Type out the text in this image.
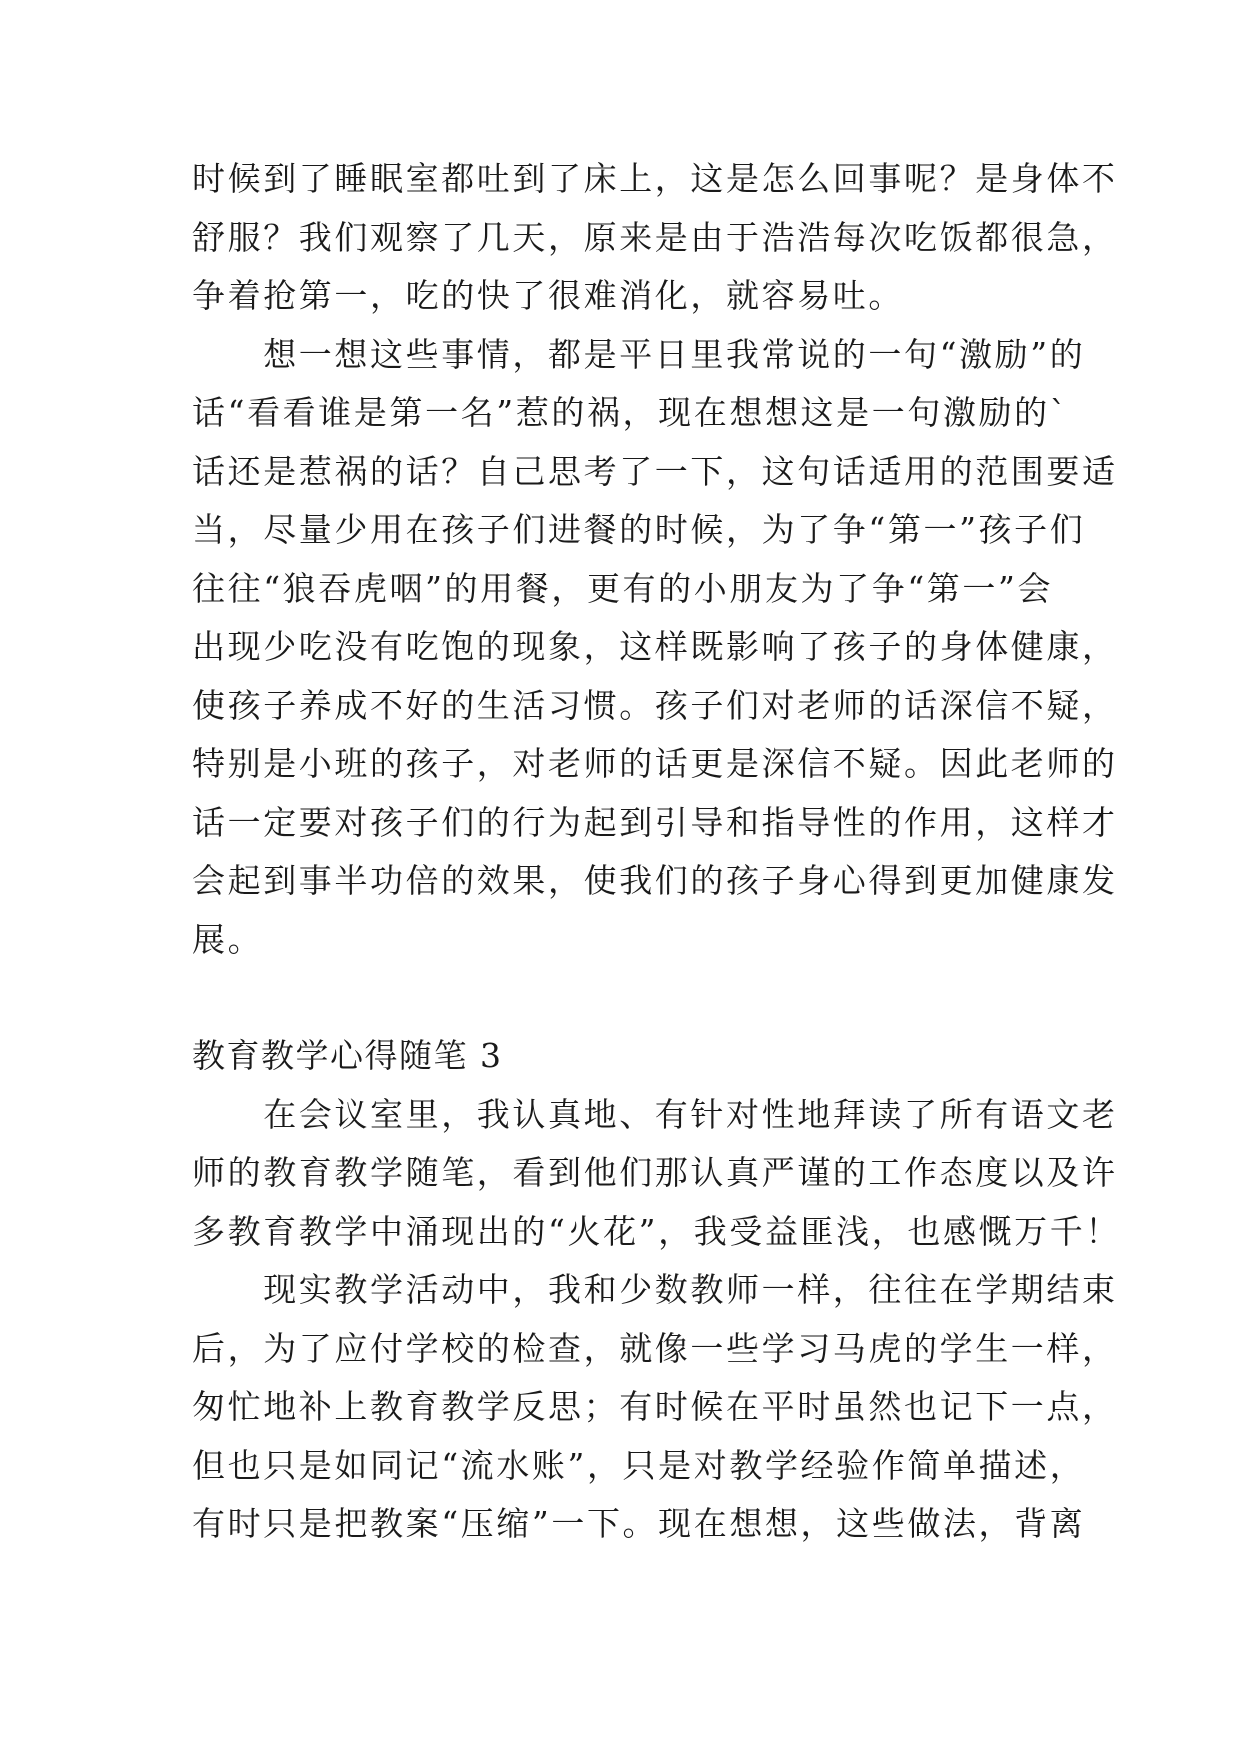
时候到了睡眠室都吐到了床上，这是怎么回事呢？是身体不
舒服？我们观察了几天，原来是由于浩浩每次吃饭都很急，
争着抢第一，吃的快了很难消化，就容易吐。
　　想一想这些事情，都是平日里我常说的一句“激励”的
话“看看谁是第一名”惹的祸，现在想想这是一句激励的`
话还是惹祸的话？自己思考了一下，这句话适用的范围要适
当，尽量少用在孩子们进餐的时候，为了争“第一”孩子们
往往“狼吞虎咽”的用餐，更有的小朋友为了争“第一”会
出现少吃没有吃饱的现象，这样既影响了孩子的身体健康，
使孩子养成不好的生活习惯。孩子们对老师的话深信不疑，
特别是小班的孩子，对老师的话更是深信不疑。因此老师的
话一定要对孩子们的行为起到引导和指导性的作用，这样才
会起到事半功倍的效果，使我们的孩子身心得到更加健康发
展。
教育教学心得随笔 3
　　在会议室里，我认真地、有针对性地拜读了所有语文老
师的教育教学随笔，看到他们那认真严谨的工作态度以及许
多教育教学中涌现出的“火花”，我受益匪浅，也感慨万千！
　　现实教学活动中，我和少数教师一样，往往在学期结束
后，为了应付学校的检查，就像一些学习马虎的学生一样，
匆忙地补上教育教学反思；有时候在平时虽然也记下一点，
但也只是如同记“流水账”，只是对教学经验作简单描述，
有时只是把教案“压缩”一下。现在想想，这些做法，背离
